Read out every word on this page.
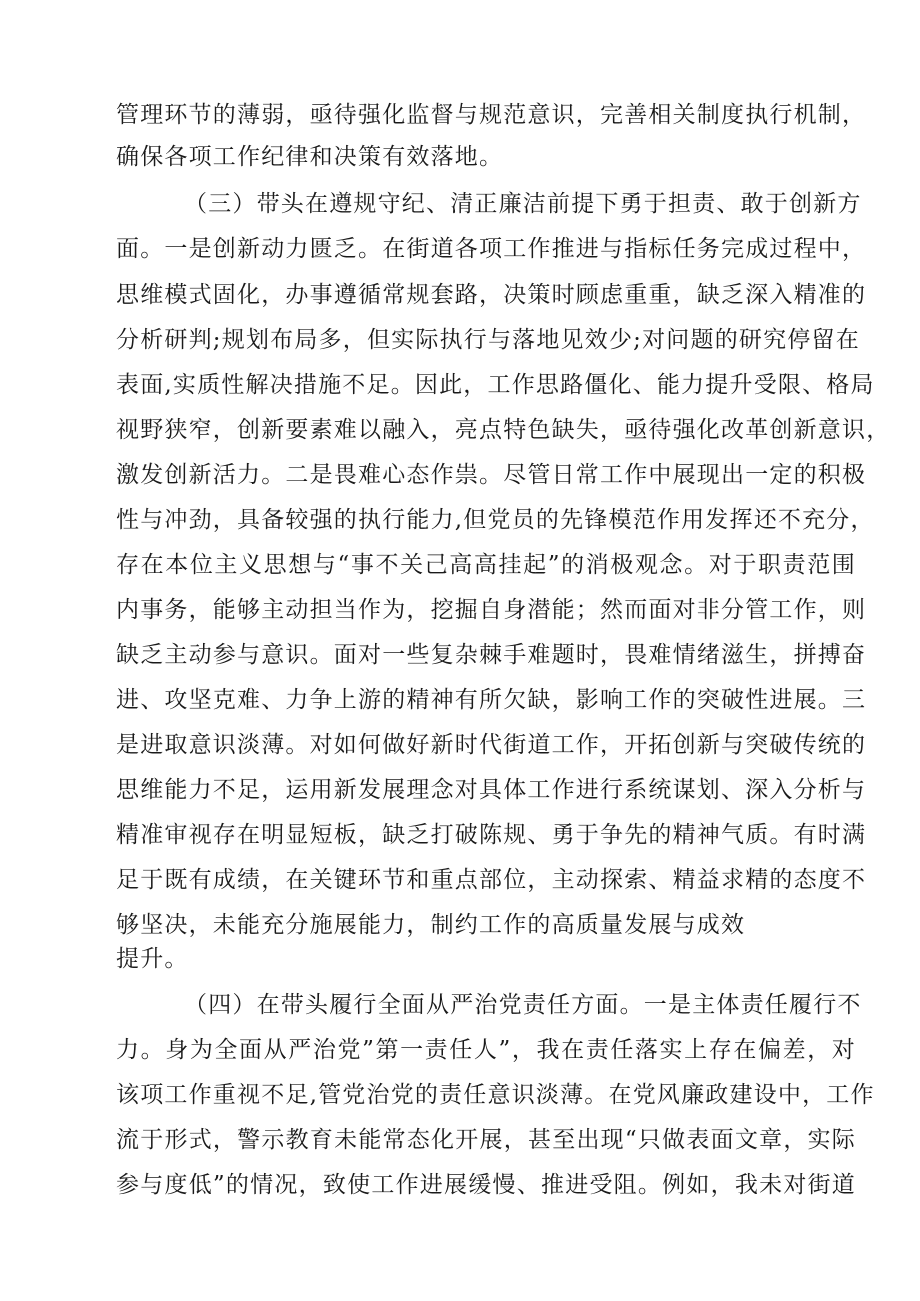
管理环节的薄弱，亟待强化监督与规范意识，完善相关制度执行机制，
确保各项工作纪律和决策有效落地。
（三）带头在遵规守纪、清正廉洁前提下勇于担责、敢于创新方
面。一是创新动力匮乏。在街道各项工作推进与指标任务完成过程中，
思维模式固化，办事遵循常规套路，决策时顾虑重重，缺乏深入精准的
分析研判;规划布局多，但实际执行与落地见效少;对问题的研究停留在
表面,实质性解决措施不足。因此，工作思路僵化、能力提升受限、格局
视野狭窄，创新要素难以融入，亮点特色缺失，亟待强化改革创新意识，
激发创新活力。二是畏难心态作祟。尽管日常工作中展现出一定的积极
性与冲劲，具备较强的执行能力,但党员的先锋模范作用发挥还不充分，
存在本位主义思想与“事不关己高高挂起”的消极观念。对于职责范围
内事务，能够主动担当作为，挖掘自身潜能；然而面对非分管工作，则
缺乏主动参与意识。面对一些复杂棘手难题时，畏难情绪滋生，拼搏奋
进、攻坚克难、力争上游的精神有所欠缺，影响工作的突破性进展。三
是进取意识淡薄。对如何做好新时代街道工作，开拓创新与突破传统的
思维能力不足，运用新发展理念对具体工作进行系统谋划、深入分析与
精准审视存在明显短板，缺乏打破陈规、勇于争先的精神气质。有时满
足于既有成绩，在关键环节和重点部位，主动探索、精益求精的态度不
够坚决，未能充分施展能力，制约工作的高质量发展与成效
提升。
（四）在带头履行全面从严治党责任方面。一是主体责任履行不
力。身为全面从严治党”第一责任人”，我在责任落实上存在偏差，对
该项工作重视不足,管党治党的责任意识淡薄。在党风廉政建设中，工作
流于形式，警示教育未能常态化开展，甚至出现“只做表面文章，实际
参与度低”的情况，致使工作进展缓慢、推进受阻。例如，我未对街道
